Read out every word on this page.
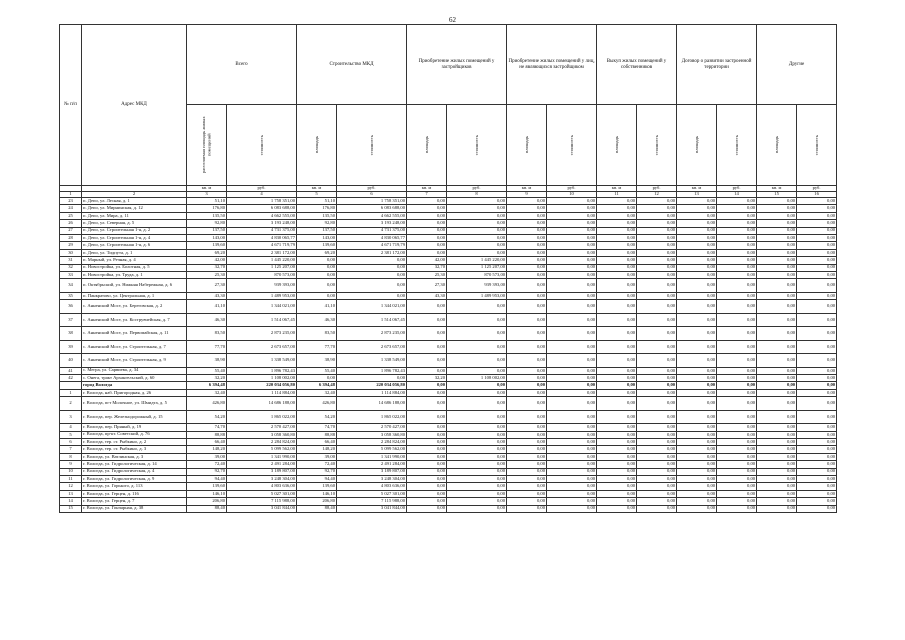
62
№ п/п	Адрес МКД	Всего		Строительство МКД		Приобретение жилых помещений у застройщиков		Приобретение жилых помещений у лиц, не являющихся застройщиком		Выкуп жилых помещений у собственников		Договор о развитии застроенной территории		Другие	

		расселяемая площадь жилых помещений	стоимость	площадь	стоимость	площадь	стоимость	площадь	стоимость	площадь	стоимость	площадь	стоимость	площадь	стоимость

		кв. м	руб.	кв. м	руб.	кв. м	руб.	кв. м	руб.	кв. м	руб.	кв. м	руб.	кв. м	руб.
1	2	3	4	5	6	7	8	9	10	11	12	13	14	15	16
23	п. Депо, ул. Лесная, д. 1	51,10	1 758 351,00	51,10	1 758 351,00	0,00	0,00	0,00	0,00	0,00	0,00	0,00	0,00	0,00	0,00
24	п. Депо, ул. Мирнинская, д. 12	176,80	6 083 688,00	176,80	6 083 688,00	0,00	0,00	0,00	0,00	0,00	0,00	0,00	0,00	0,00	0,00
25	п. Депо, ул. Мира, д. 11	135,50	4 662 555,00	135,50	4 662 555,00	0,00	0,00	0,00	0,00	0,00	0,00	0,00	0,00	0,00	0,00
26	п. Депо, ул. Северная, д. 5	92,80	3 193 248,00	92,80	3 193 248,00	0,00	0,00	0,00	0,00	0,00	0,00	0,00	0,00	0,00	0,00
27	п. Депо, ул. Строительная 1-я, д. 2	137,50	4 731 375,00	137,50	4 731 375,00	0,00	0,00	0,00	0,00	0,00	0,00	0,00	0,00	0,00	0,00
28	п. Депо, ул. Строительная 1-я, д. 4	143,00	4 830 065,77	143,00	4 830 065,77	0,00	0,00	0,00	0,00	0,00	0,00	0,00	0,00	0,00	0,00
29	п. Депо, ул. Строительная 1-я, д. 6	139,60	4 671 719,79	139,60	4 671 719,79	0,00	0,00	0,00	0,00	0,00	0,00	0,00	0,00	0,00	0,00
30	п. Депо, ул. Тидпута, д. 1	69,20	2 381 172,00	69,20	2 381 172,00	0,00	0,00	0,00	0,00	0,00	0,00	0,00	0,00	0,00	0,00
31	п. Марный, ул. Речная, д. 4	42,00	1 445 220,00	0,00	0,00	42,00	1 445 220,00	0,00	0,00	0,00	0,00	0,00	0,00	0,00	0,00
32	п. Новостройка, ул. Болотная, д. 5	32,70	1 125 207,00	0,00	0,00	32,70	1 125 207,00	0,00	0,00	0,00	0,00	0,00	0,00	0,00	0,00
33	п. Новостройка, ул. Труда, д. 1	25,30	870 573,00	0,00	0,00	25,30	870 573,00	0,00	0,00	0,00	0,00	0,00	0,00	0,00	0,00
34	п. Октябрьский, ул. Нижняя Набережная, д. 6	27,30	939 393,00	0,00	0,00	27,30	939 393,00	0,00	0,00	0,00	0,00	0,00	0,00	0,00	0,00
35	п. Панкратово, ул. Центральная, д. 1	43,30	1 489 953,00	0,00	0,00	43,30	1 489 953,00	0,00	0,00	0,00	0,00	0,00	0,00	0,00	0,00
36	с. Анненский Мост, ул. Береговская, д. 2	41,10	1 344 021,00	41,10	1 344 021,00	0,00	0,00	0,00	0,00	0,00	0,00	0,00	0,00	0,00	0,00
37	с. Анненский Мост, ул. Кострувчейская, д. 7	46,30	1 514 067,45	46,30	1 514 067,45	0,00	0,00	0,00	0,00	0,00	0,00	0,00	0,00	0,00	0,00
38	с. Анненский Мост, ул. Первомайская, д. 11	83,50	2 873 235,00	83,50	2 873 235,00	0,00	0,00	0,00	0,00	0,00	0,00	0,00	0,00	0,00	0,00
39	с. Анненский Мост, ул. Строительная, д. 7	77,70	2 673 657,00	77,70	2 673 657,00	0,00	0,00	0,00	0,00	0,00	0,00	0,00	0,00	0,00	0,00
40	с. Анненский Мост, ул. Строительная, д. 9	38,90	1 338 549,00	38,90	1 338 549,00	0,00	0,00	0,00	0,00	0,00	0,00	0,00	0,00	0,00	0,00
41	с. Мегра, ул. Сарвиева, д. 34	55,40	1 896 782,43	55,40	1 896 782,43	0,00	0,00	0,00	0,00	0,00	0,00	0,00	0,00	0,00	0,00
42	с. Онега, тракт Архангельский, д. 60	32,20	1 108 002,00	0,00	0,00	32,20	1 108 002,00	0,00	0,00	0,00	0,00	0,00	0,00	0,00	0,00
	город Вологда	6 394,48	220 034 056,80	6 394,48	220 034 056,80	0,00	0,00	0,00	0,00	0,00	0,00	0,00	0,00	0,00	0,00
1	г. Вологда, наб. Пригородная, д. 26	32,40	1 114 884,00	32,40	1 114 884,00	0,00	0,00	0,00	0,00	0,00	0,00	0,00	0,00	0,00	0,00
2	г. Вологда, пгт Молочное, ул. Шмидта, д. 5	426,80	14 686 188,00	426,80	14 686 188,00	0,00	0,00	0,00	0,00	0,00	0,00	0,00	0,00	0,00	0,00
3	г. Вологда, пер. Железнодорожный, д. 15	54,20	1 865 022,00	54,20	1 865 022,00	0,00	0,00	0,00	0,00	0,00	0,00	0,00	0,00	0,00	0,00
4	г. Вологда, пер. Пряный, д. 19	74,70	2 570 427,00	74,70	2 570 427,00	0,00	0,00	0,00	0,00	0,00	0,00	0,00	0,00	0,00	0,00
5	г. Вологда, пр-кт. Советский, д. 76	88,88	3 058 360,80	88,88	3 058 360,80	0,00	0,00	0,00	0,00	0,00	0,00	0,00	0,00	0,00	0,00
6	г. Вологда, тер. ст. Рыбкино, д. 2	66,40	2 284 824,00	66,40	2 284 824,00	0,00	0,00	0,00	0,00	0,00	0,00	0,00	0,00	0,00	0,00
7	г. Вологда, тер. ст. Рыбкино, д. 3	148,20	5 099 562,00	148,20	5 099 562,00	0,00	0,00	0,00	0,00	0,00	0,00	0,00	0,00	0,00	0,00
8	г. Вологда, ул. Ватлинская, д. 3	39,00	1 341 990,00	39,00	1 341 990,00	0,00	0,00	0,00	0,00	0,00	0,00	0,00	0,00	0,00	0,00
9	г. Вологда, ул. Гидрологическая, д. 14	72,40	2 491 284,00	72,40	2 491 284,00	0,00	0,00	0,00	0,00	0,00	0,00	0,00	0,00	0,00	0,00
10	г. Вологда, ул. Гидрологическая, д. 4	92,70	3 189 807,00	92,70	3 189 807,00	0,00	0,00	0,00	0,00	0,00	0,00	0,00	0,00	0,00	0,00
11	г. Вологда, ул. Гидрологическая, д. 9	94,40	3 248 304,00	94,40	3 248 304,00	0,00	0,00	0,00	0,00	0,00	0,00	0,00	0,00	0,00	0,00
12	г. Вологда, ул. Горького, д. 113	139,60	4 803 636,00	139,60	4 803 636,00	0,00	0,00	0,00	0,00	0,00	0,00	0,00	0,00	0,00	0,00
13	г. Вологда, ул. Герцен, д. 116	146,10	5 027 301,00	146,10	5 027 301,00	0,00	0,00	0,00	0,00	0,00	0,00	0,00	0,00	0,00	0,00
14	г. Вологда, ул. Герцен, д. 7	206,80	7 115 988,00	206,80	7 115 988,00	0,00	0,00	0,00	0,00	0,00	0,00	0,00	0,00	0,00	0,00
15	г. Вологда, ул. Гончарная, д. 38	88,40	3 041 844,00	88,40	3 041 844,00	0,00	0,00	0,00	0,00	0,00	0,00	0,00	0,00	0,00	0,00
